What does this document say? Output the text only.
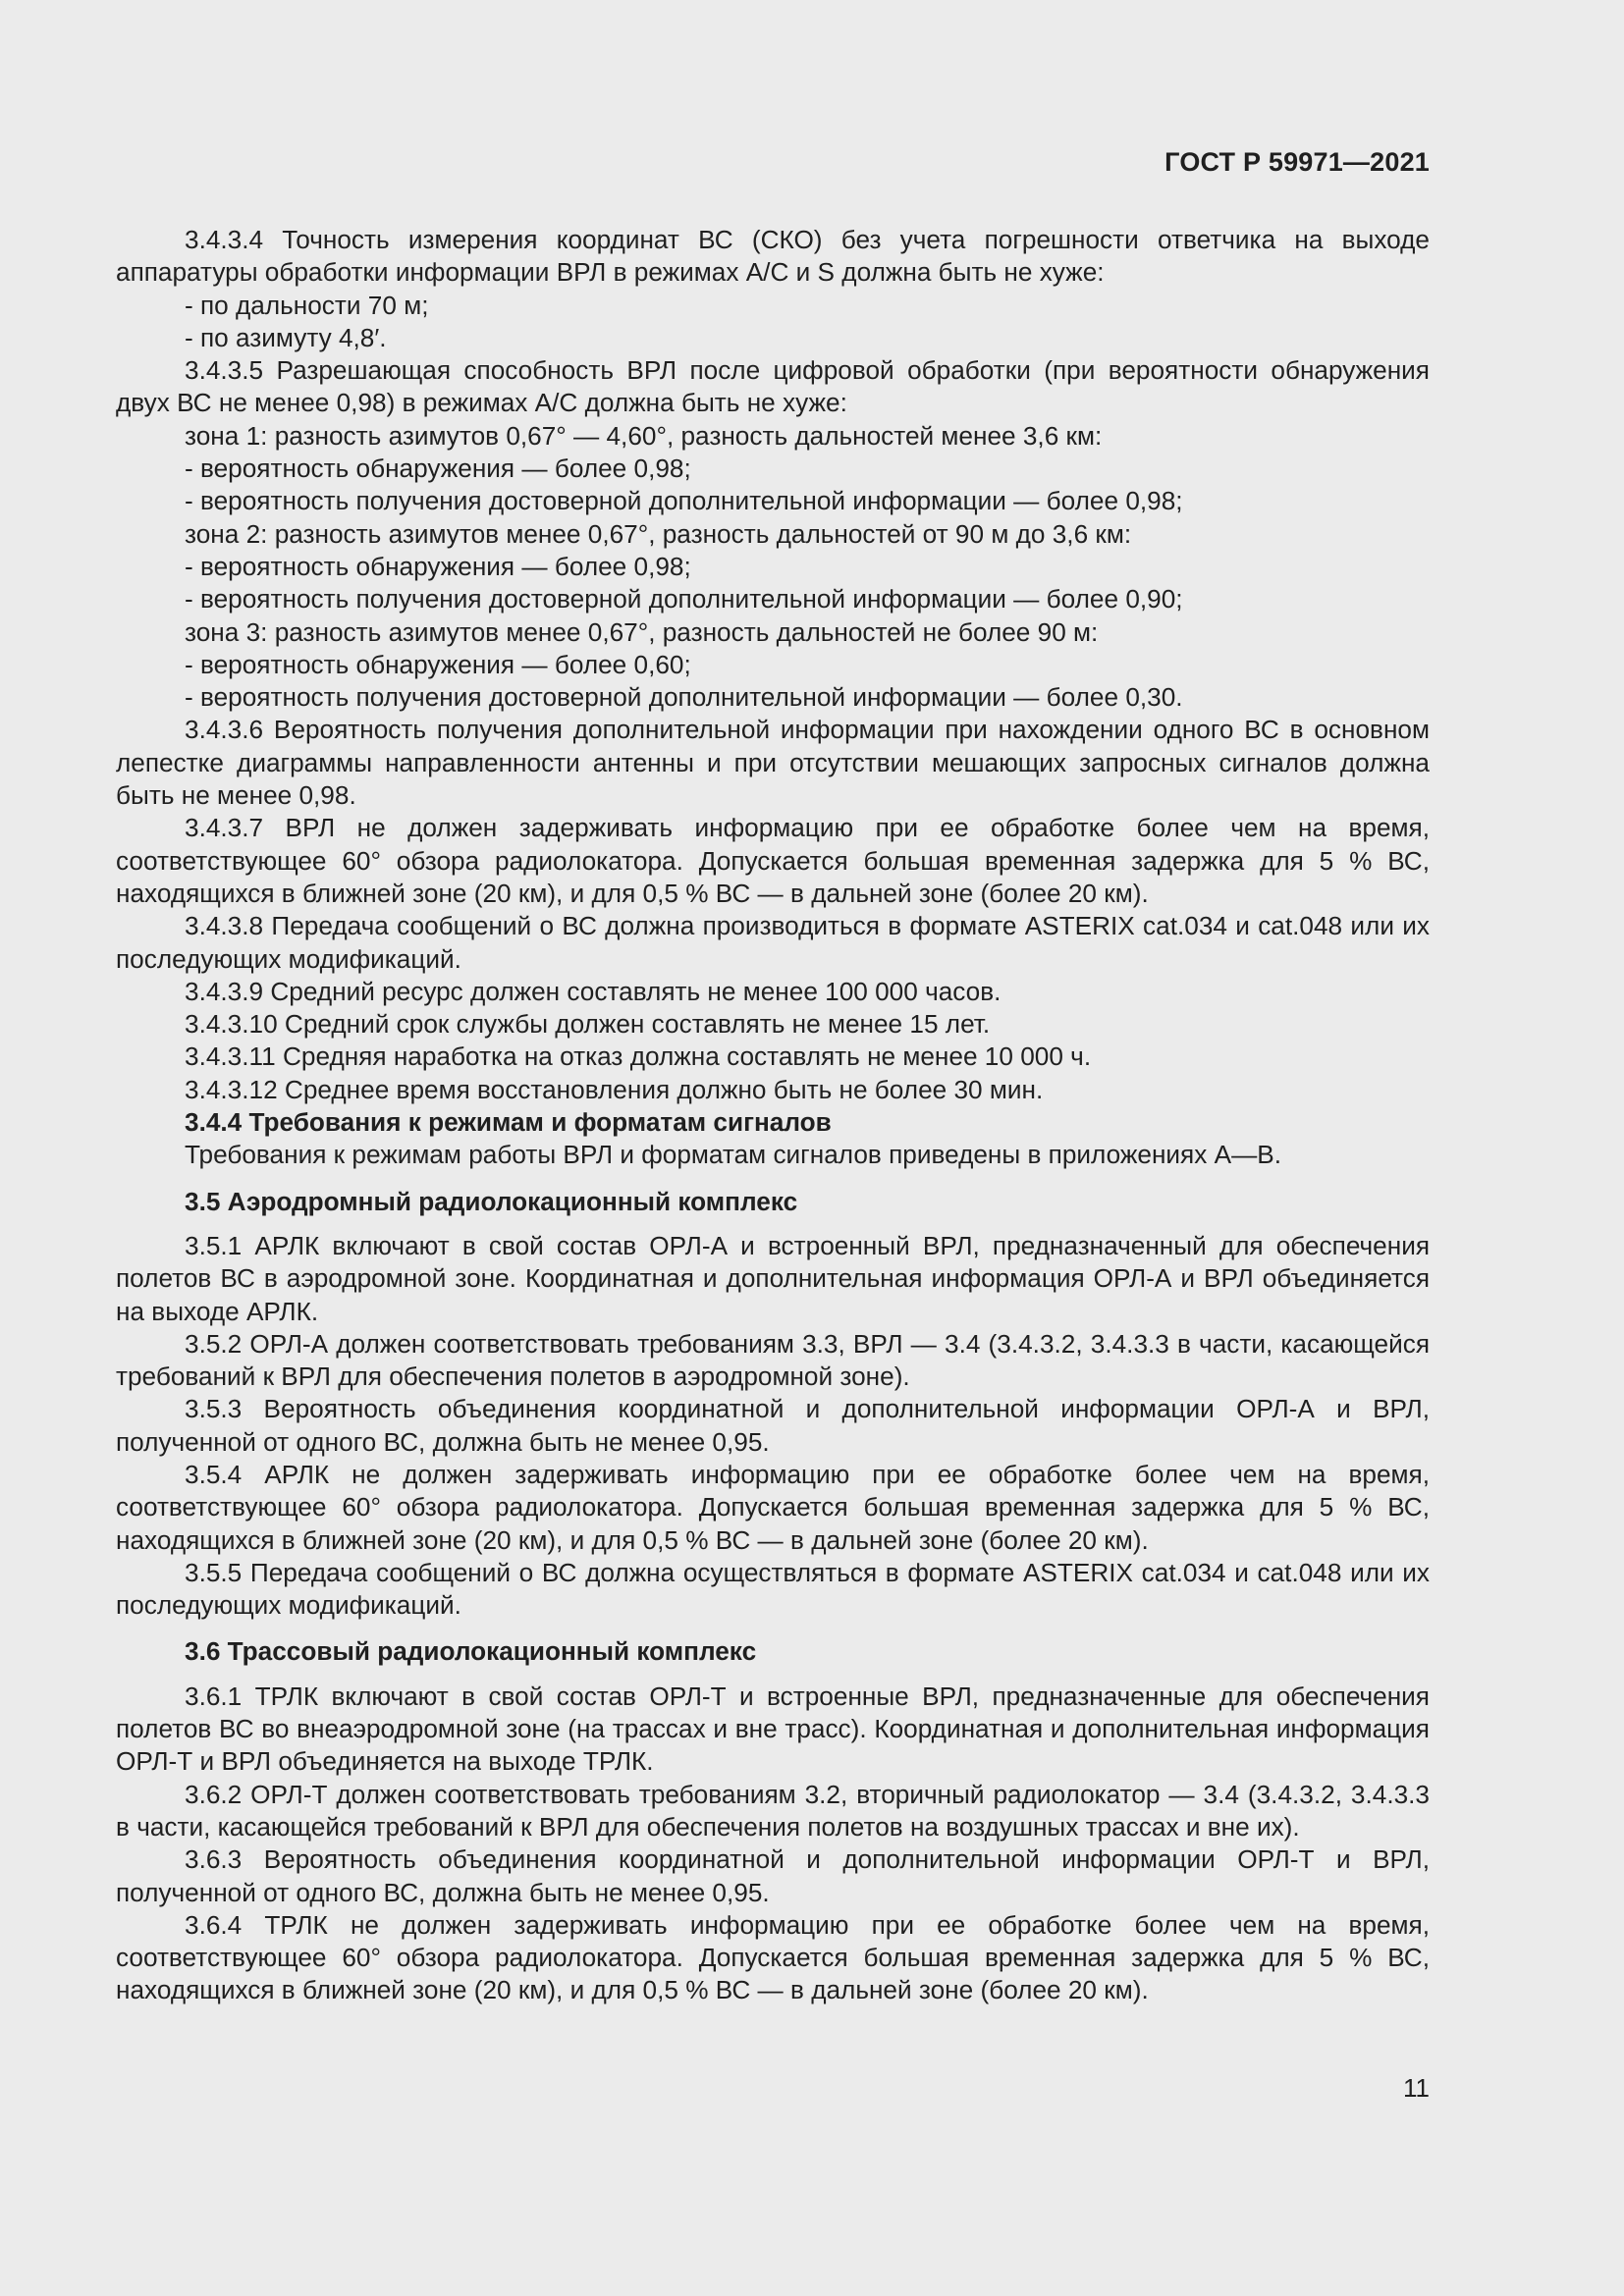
ГОСТ Р 59971—2021

3.4.3.4 Точность измерения координат ВС (СКО) без учета погрешности ответчика на выходе аппаратуры обработки информации ВРЛ в режимах А/С и S должна быть не хуже:

- по дальности 70 м;

- по азимуту 4,8′.

3.4.3.5 Разрешающая способность ВРЛ после цифровой обработки (при вероятности обнаружения двух ВС не менее 0,98) в режимах А/С должна быть не хуже:

зона 1: разность азимутов 0,67° — 4,60°, разность дальностей менее 3,6 км:

- вероятность обнаружения — более 0,98;

- вероятность получения достоверной дополнительной информации — более 0,98;

зона 2: разность азимутов менее 0,67°, разность дальностей от 90 м до 3,6 км:

- вероятность обнаружения — более 0,98;

- вероятность получения достоверной дополнительной информации — более 0,90;

зона 3: разность азимутов менее 0,67°, разность дальностей не более 90 м:

- вероятность обнаружения — более 0,60;

- вероятность получения достоверной дополнительной информации — более 0,30.

3.4.3.6 Вероятность получения дополнительной информации при нахождении одного ВС в основном лепестке диаграммы направленности антенны и при отсутствии мешающих запросных сигналов должна быть не менее 0,98.

3.4.3.7 ВРЛ не должен задерживать информацию при ее обработке более чем на время, соответствующее 60° обзора радиолокатора. Допускается большая временная задержка для 5 % ВС, находящихся в ближней зоне (20 км), и для 0,5 % ВС — в дальней зоне (более 20 км).

3.4.3.8 Передача сообщений о ВС должна производиться в формате ASTERIX cat.034 и cat.048 или их последующих модификаций.

3.4.3.9 Средний ресурс должен составлять не менее 100 000 часов.

3.4.3.10 Средний срок службы должен составлять не менее 15 лет.

3.4.3.11 Средняя наработка на отказ должна составлять не менее 10 000 ч.

3.4.3.12 Среднее время восстановления должно быть не более 30 мин.

3.4.4 Требования к режимам и форматам сигналов

Требования к режимам работы ВРЛ и форматам сигналов приведены в приложениях А—В.

3.5 Аэродромный радиолокационный комплекс

3.5.1 АРЛК включают в свой состав ОРЛ-А и встроенный ВРЛ, предназначенный для обеспечения полетов ВС в аэродромной зоне. Координатная и дополнительная информация ОРЛ-А и ВРЛ объединяется на выходе АРЛК.

3.5.2 ОРЛ-А должен соответствовать требованиям 3.3, ВРЛ — 3.4 (3.4.3.2, 3.4.3.3 в части, касающейся требований к ВРЛ для обеспечения полетов в аэродромной зоне).

3.5.3 Вероятность объединения координатной и дополнительной информации ОРЛ-А и ВРЛ, полученной от одного ВС, должна быть не менее 0,95.

3.5.4 АРЛК не должен задерживать информацию при ее обработке более чем на время, соответствующее 60° обзора радиолокатора. Допускается большая временная задержка для 5 % ВС, находящихся в ближней зоне (20 км), и для 0,5 % ВС — в дальней зоне (более 20 км).

3.5.5 Передача сообщений о ВС должна осуществляться в формате ASTERIX cat.034 и cat.048 или их последующих модификаций.

3.6 Трассовый радиолокационный комплекс

3.6.1 ТРЛК включают в свой состав ОРЛ-Т и встроенные ВРЛ, предназначенные для обеспечения полетов ВС во внеаэродромной зоне (на трассах и вне трасс). Координатная и дополнительная информация ОРЛ-Т и ВРЛ объединяется на выходе ТРЛК.

3.6.2 ОРЛ-Т должен соответствовать требованиям 3.2, вторичный радиолокатор — 3.4 (3.4.3.2, 3.4.3.3 в части, касающейся требований к ВРЛ для обеспечения полетов на воздушных трассах и вне их).

3.6.3 Вероятность объединения координатной и дополнительной информации ОРЛ-Т и ВРЛ, полученной от одного ВС, должна быть не менее 0,95.

3.6.4 ТРЛК не должен задерживать информацию при ее обработке более чем на время, соответствующее 60° обзора радиолокатора. Допускается большая временная задержка для 5 % ВС, находящихся в ближней зоне (20 км), и для 0,5 % ВС — в дальней зоне (более 20 км).

11
